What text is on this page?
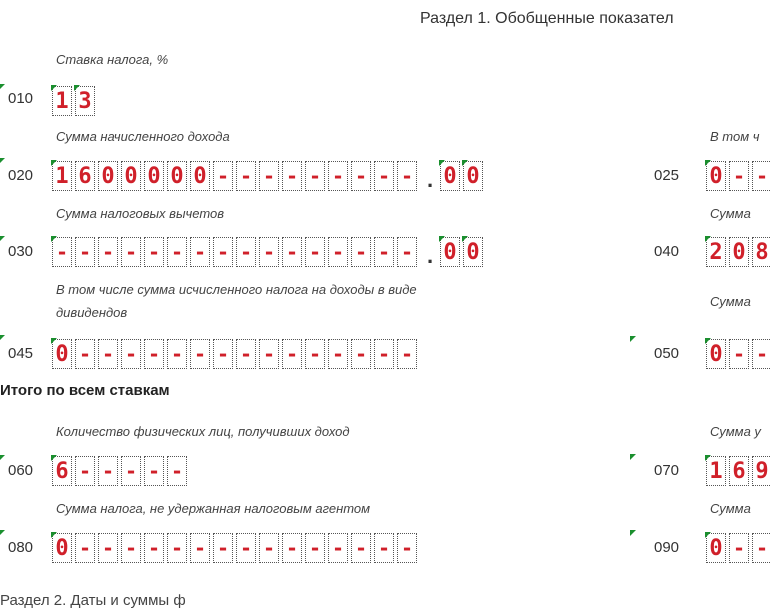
Раздел 1. Обобщенные показател
Ставка налога, %
010 1 3
Сумма начисленного дохода
020 1 6 0 0 0 0 0 - - - - - - - - - . 0 0
В том ч
025 0 - -
Сумма налоговых вычетов
030 - - - - - - - - - - - - - - - - . 0 0
Сумма
040 2 0 8
В том числе сумма исчисленного налога на доходы в виде
дивидендов
045 0 - - - - - - - - - - - - - - -
Сумма
050 0 - -
Итого по всем ставкам
Количество физических лиц, получивших доход
060 6 - - - - -
Сумма у
070 1 6 9
Сумма налога, не удержанная налоговым агентом
080 0 - - - - - - - - - - - - - - -
Сумма
090 0 - -
Раздел 2. Даты и суммы ф
